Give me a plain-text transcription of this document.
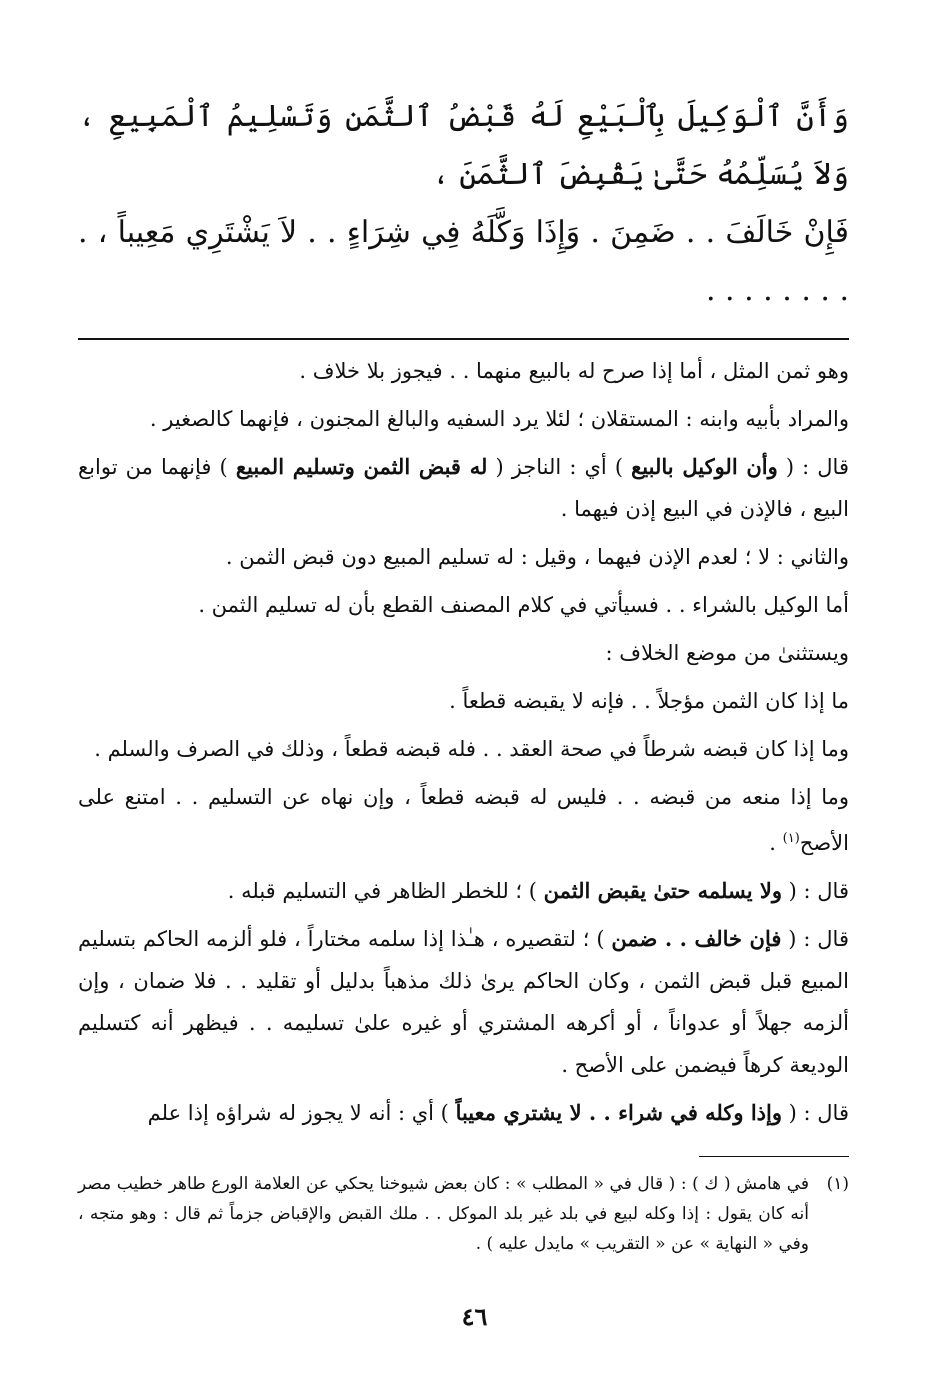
وَأَنَّ ٱلْوَكِيلَ بِٱلْبَيْعِ لَهُ قَبْضُ ٱلثَّمَنِ وَتَسْلِيمُ ٱلْمَبِيعِ ، وَلاَ يُسَلِّمُهُ حَتَّىٰ يَقْبِضَ ٱلثَّمَنَ ،

فَإِنْ خَالَفَ . . ضَمِنَ . وَإِذَا وَكَّلَهُ فِي شِرَاءٍ . . لاَ يَشْتَرِي مَعِيباً ، . . . . . . . . .

وهو ثمن المثل ، أما إذا صرح له بالبيع منهما . . فيجوز بلا خلاف .

والمراد بأبيه وابنه : المستقلان ؛ لئلا يرد السفيه والبالغ المجنون ، فإنهما كالصغير .

قال : ( وأن الوكيل بالبيع ) أي : الناجز ( له قبض الثمن وتسليم المبيع ) فإنهما من توابع البيع ، فالإذن في البيع إذن فيهما .

والثاني : لا ؛ لعدم الإذن فيهما ، وقيل : له تسليم المبيع دون قبض الثمن .

أما الوكيل بالشراء . . فسيأتي في كلام المصنف القطع بأن له تسليم الثمن .

ويستثنىٰ من موضع الخلاف :

ما إذا كان الثمن مؤجلاً . . فإنه لا يقبضه قطعاً .

وما إذا كان قبضه شرطاً في صحة العقد . . فله قبضه قطعاً ، وذلك في الصرف والسلم .

وما إذا منعه من قبضه . . فليس له قبضه قطعاً ، وإن نهاه عن التسليم . . امتنع على الأصح$^{(١)}$ .

قال : ( ولا يسلمه حتىٰ يقبض الثمن ) ؛ للخطر الظاهر في التسليم قبله .

قال : ( فإن خالف . . ضمن ) ؛ لتقصيره ، هـٰذا إذا سلمه مختاراً ، فلو ألزمه الحاكم بتسليم المبيع قبل قبض الثمن ، وكان الحاكم يرىٰ ذلك مذهباً بدليل أو تقليد . . فلا ضمان ، وإن ألزمه جهلاً أو عدواناً ، أو أكرهه المشتري أو غيره علىٰ تسليمه . . فيظهر أنه كتسليم الوديعة كرهاً فيضمن على الأصح .

قال : ( وإذا وكله في شراء . . لا يشتري معيباً ) أي : أنه لا يجوز له شراؤه إذا علم

(١)
في هامش ( ك ) : ( قال في « المطلب » : كان بعض شيوخنا يحكي عن العلامة الورع طاهر خطيب مصر أنه كان يقول : إذا وكله لبيع في بلد غير بلد الموكل . . ملك القبض والإقباض جزماً ثم قال : وهو متجه ، وفي « النهاية » عن « التقريب » مايدل عليه ) .
٤٦
